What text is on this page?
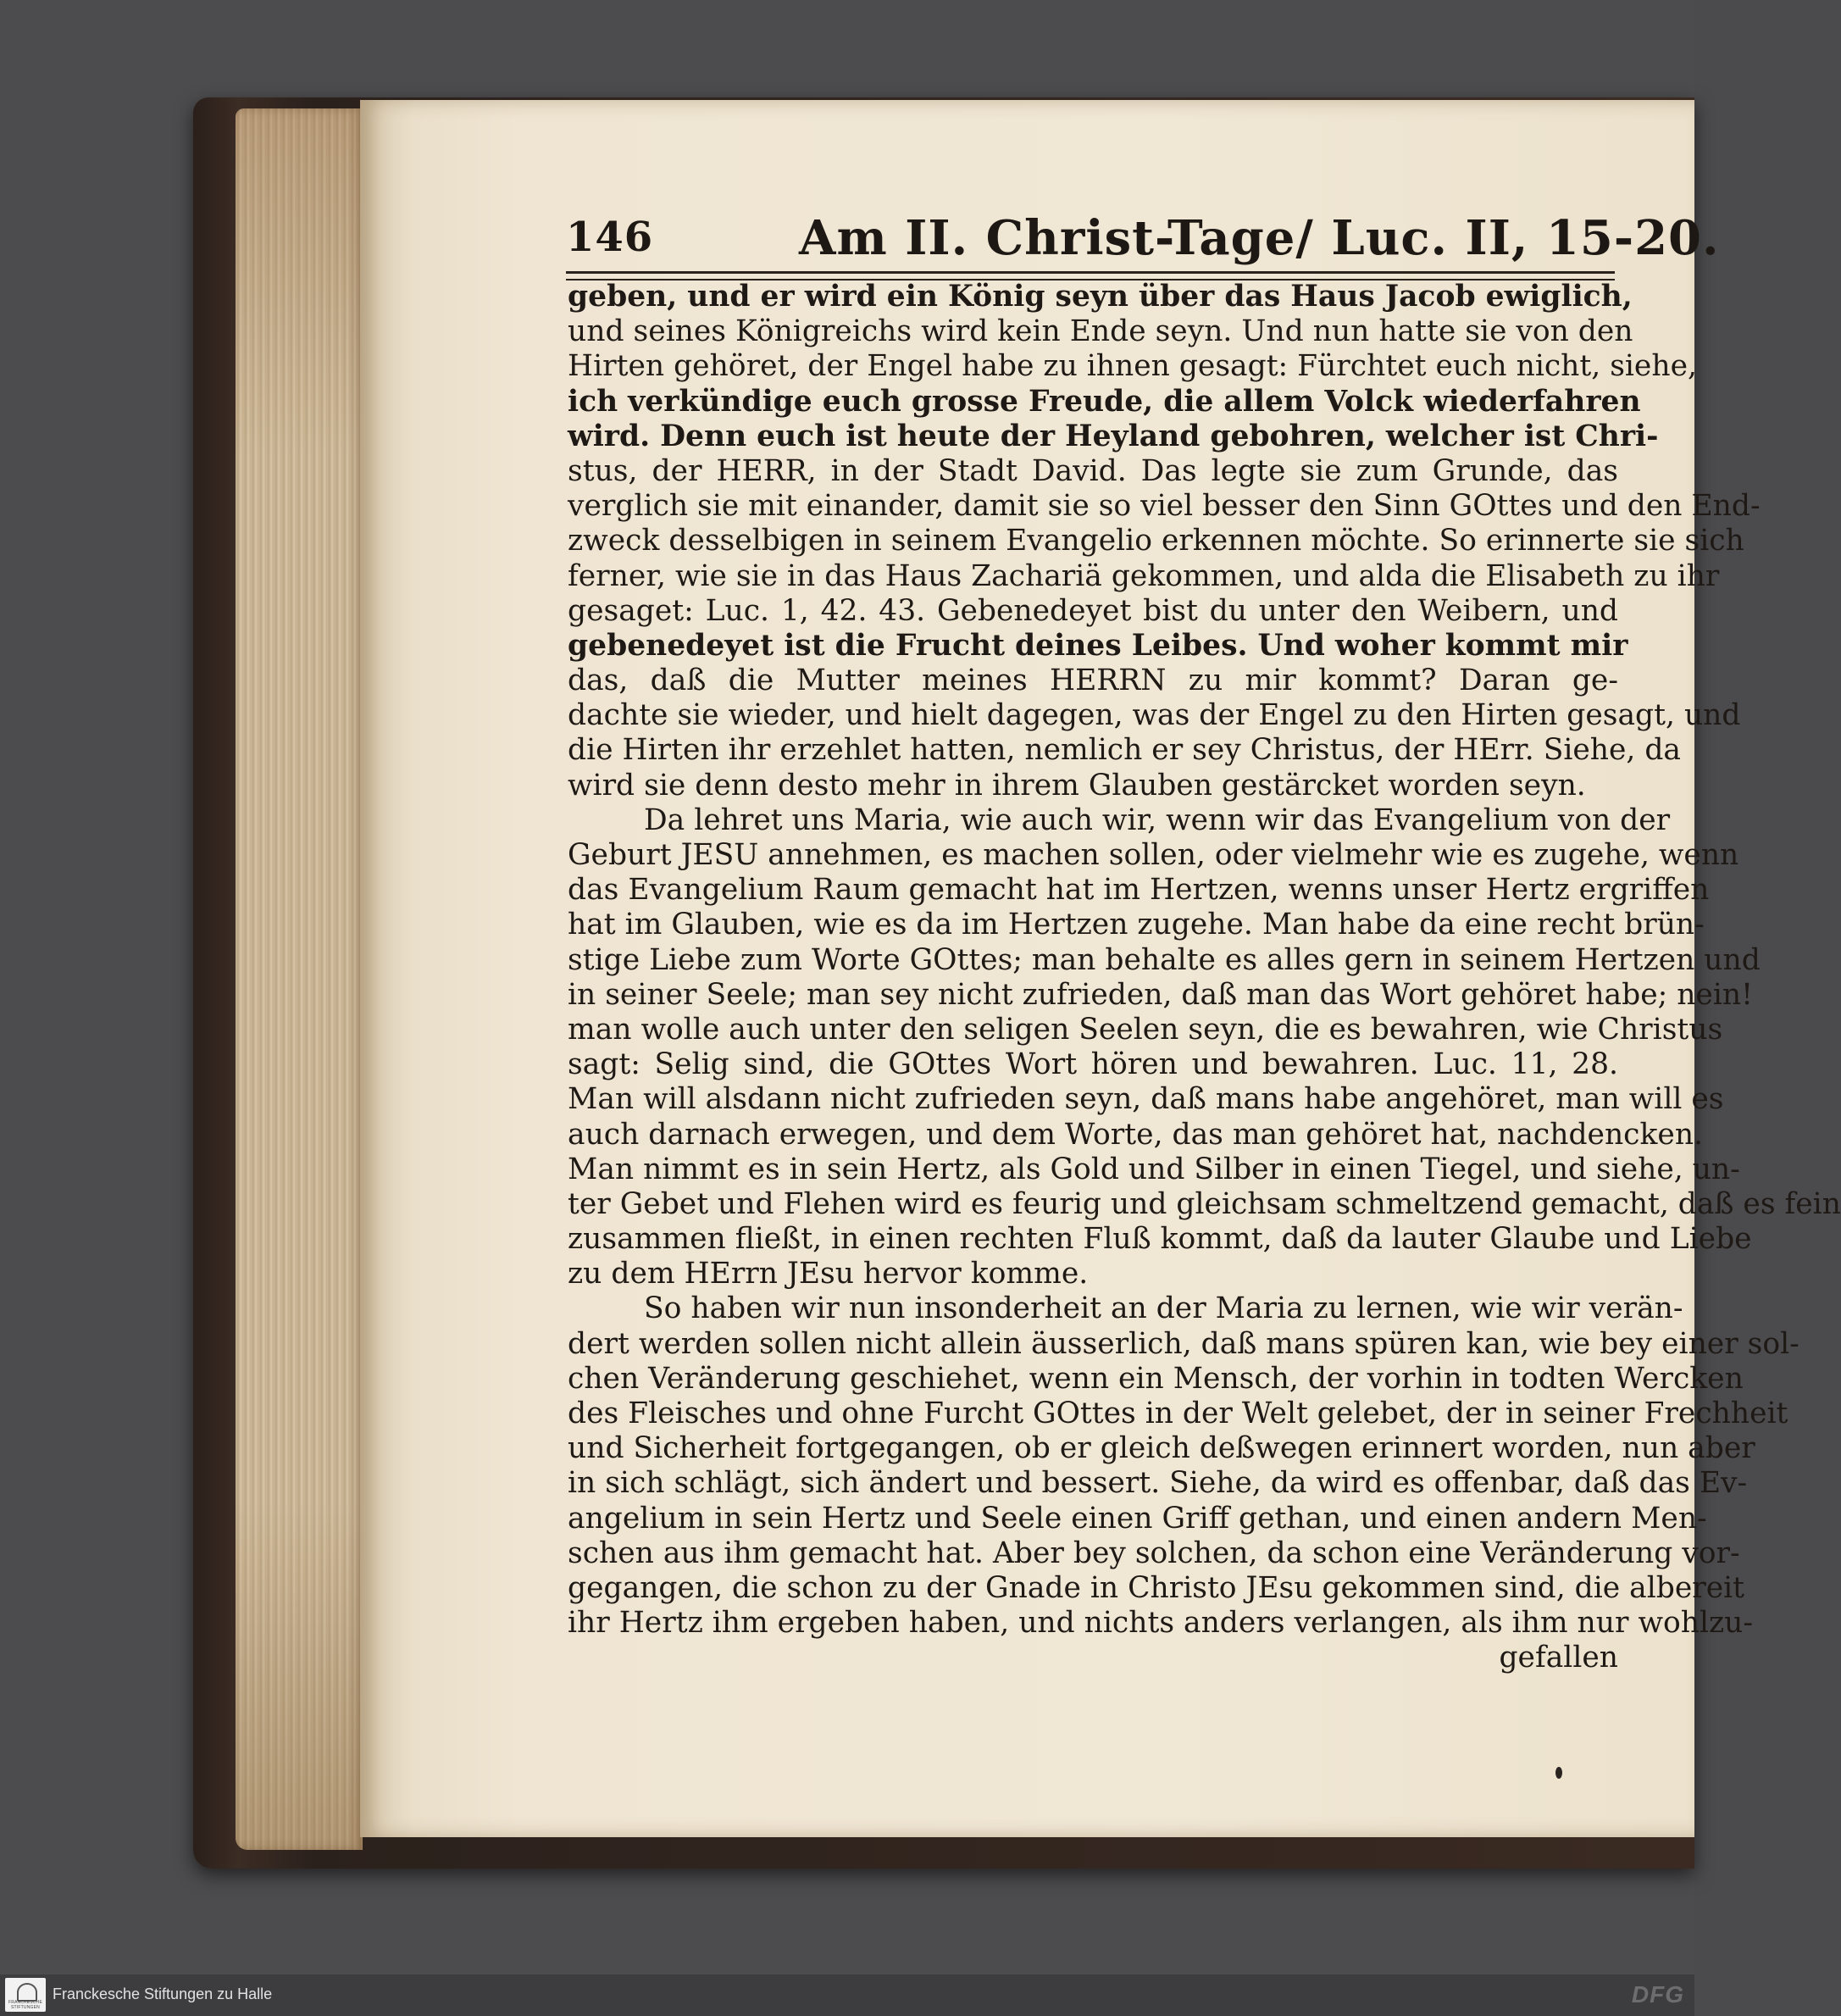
146	Am II. Christ-Tage/ Luc. II, 15-20.
geben, und er wird ein König seyn über das Haus Jacob ewiglich,
und seines Königreichs wird kein Ende seyn. Und nun hatte sie von den
Hirten gehöret, der Engel habe zu ihnen gesagt: Fürchtet euch nicht, siehe,
ich verkündige euch grosse Freude, die allem Volck wiederfahren
wird. Denn euch ist heute der Heyland gebohren, welcher ist Chri-
stus, der HERR, in der Stadt David. Das legte sie zum Grunde, das
verglich sie mit einander, damit sie so viel besser den Sinn GOttes und den End-
zweck desselbigen in seinem Evangelio erkennen möchte. So erinnerte sie sich
ferner, wie sie in das Haus Zachariä gekommen, und alda die Elisabeth zu ihr
gesaget: Luc. 1, 42. 43. Gebenedeyet bist du unter den Weibern, und
gebenedeyet ist die Frucht deines Leibes. Und woher kommt mir
das, daß die Mutter meines HERRN zu mir kommt? Daran ge-
dachte sie wieder, und hielt dagegen, was der Engel zu den Hirten gesagt, und
die Hirten ihr erzehlet hatten, nemlich er sey Christus, der HErr. Siehe, da
wird sie denn desto mehr in ihrem Glauben gestärcket worden seyn.
Da lehret uns Maria, wie auch wir, wenn wir das Evangelium von der
Geburt JESU annehmen, es machen sollen, oder vielmehr wie es zugehe, wenn
das Evangelium Raum gemacht hat im Hertzen, wenns unser Hertz ergriffen
hat im Glauben, wie es da im Hertzen zugehe. Man habe da eine recht brün-
stige Liebe zum Worte GOttes; man behalte es alles gern in seinem Hertzen und
in seiner Seele; man sey nicht zufrieden, daß man das Wort gehöret habe; nein!
man wolle auch unter den seligen Seelen seyn, die es bewahren, wie Christus
sagt: Selig sind, die GOttes Wort hören und bewahren. Luc. 11, 28.
Man will alsdann nicht zufrieden seyn, daß mans habe angehöret, man will es
auch darnach erwegen, und dem Worte, das man gehöret hat, nachdencken.
Man nimmt es in sein Hertz, als Gold und Silber in einen Tiegel, und siehe, un-
ter Gebet und Flehen wird es feurig und gleichsam schmeltzend gemacht, daß es fein
zusammen fließt, in einen rechten Fluß kommt, daß da lauter Glaube und Liebe
zu dem HErrn JEsu hervor komme.
So haben wir nun insonderheit an der Maria zu lernen, wie wir verän-
dert werden sollen nicht allein äusserlich, daß mans spüren kan, wie bey einer sol-
chen Veränderung geschiehet, wenn ein Mensch, der vorhin in todten Wercken
des Fleisches und ohne Furcht GOttes in der Welt gelebet, der in seiner Frechheit
und Sicherheit fortgegangen, ob er gleich deßwegen erinnert worden, nun aber
in sich schlägt, sich ändert und bessert. Siehe, da wird es offenbar, daß das Ev-
angelium in sein Hertz und Seele einen Griff gethan, und einen andern Men-
schen aus ihm gemacht hat. Aber bey solchen, da schon eine Veränderung vor-
gegangen, die schon zu der Gnade in Christo JEsu gekommen sind, die albereit
ihr Hertz ihm ergeben haben, und nichts anders verlangen, als ihm nur wohlzu-
gefallen
FRANCKESCHE STIFTUNGEN
Franckesche Stiftungen zu Halle	DFG
